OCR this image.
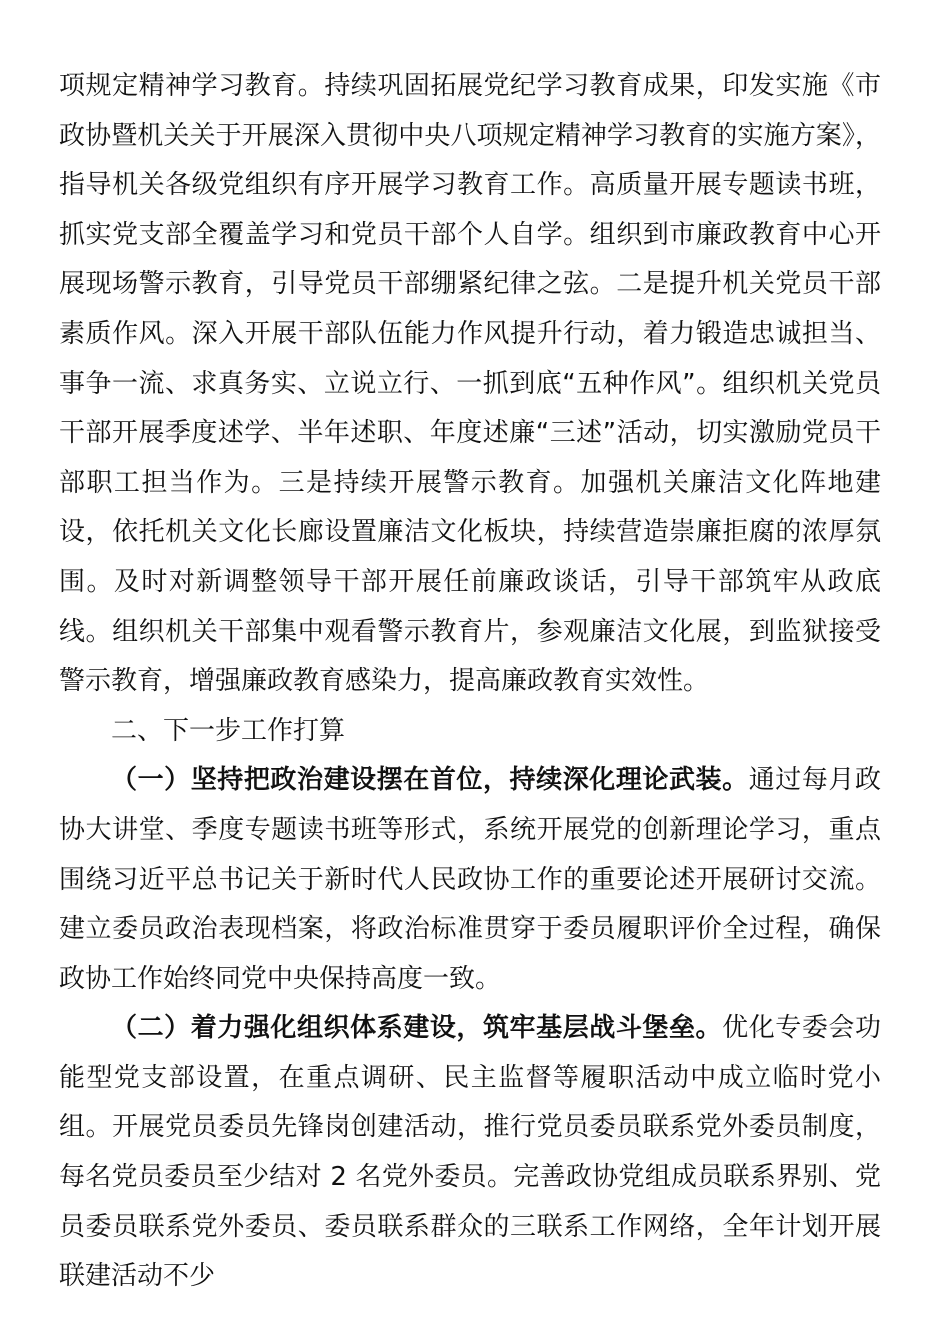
项规定精神学习教育。持续巩固拓展党纪学习教育成果，印发实施《市政协暨机关关于开展深入贯彻中央八项规定精神学习教育的实施方案》，指导机关各级党组织有序开展学习教育工作。高质量开展专题读书班，抓实党支部全覆盖学习和党员干部个人自学。组织到市廉政教育中心开展现场警示教育，引导党员干部绷紧纪律之弦。二是提升机关党员干部素质作风。深入开展干部队伍能力作风提升行动，着力锻造忠诚担当、事争一流、求真务实、立说立行、一抓到底“五种作风”。组织机关党员干部开展季度述学、半年述职、年度述廉“三述”活动，切实激励党员干部职工担当作为。三是持续开展警示教育。加强机关廉洁文化阵地建设，依托机关文化长廊设置廉洁文化板块，持续营造崇廉拒腐的浓厚氛围。及时对新调整领导干部开展任前廉政谈话，引导干部筑牢从政底线。组织机关干部集中观看警示教育片，参观廉洁文化展，到监狱接受警示教育，增强廉政教育感染力，提高廉政教育实效性。

二、下一步工作打算

（一）坚持把政治建设摆在首位，持续深化理论武装。通过每月政协大讲堂、季度专题读书班等形式，系统开展党的创新理论学习，重点围绕习近平总书记关于新时代人民政协工作的重要论述开展研讨交流。建立委员政治表现档案，将政治标准贯穿于委员履职评价全过程，确保政协工作始终同党中央保持高度一致。

（二）着力强化组织体系建设，筑牢基层战斗堡垒。优化专委会功能型党支部设置，在重点调研、民主监督等履职活动中成立临时党小组。开展党员委员先锋岗创建活动，推行党员委员联系党外委员制度，每名党员委员至少结对 2 名党外委员。完善政协党组成员联系界别、党员委员联系党外委员、委员联系群众的三联系工作网络，全年计划开展联建活动不少
